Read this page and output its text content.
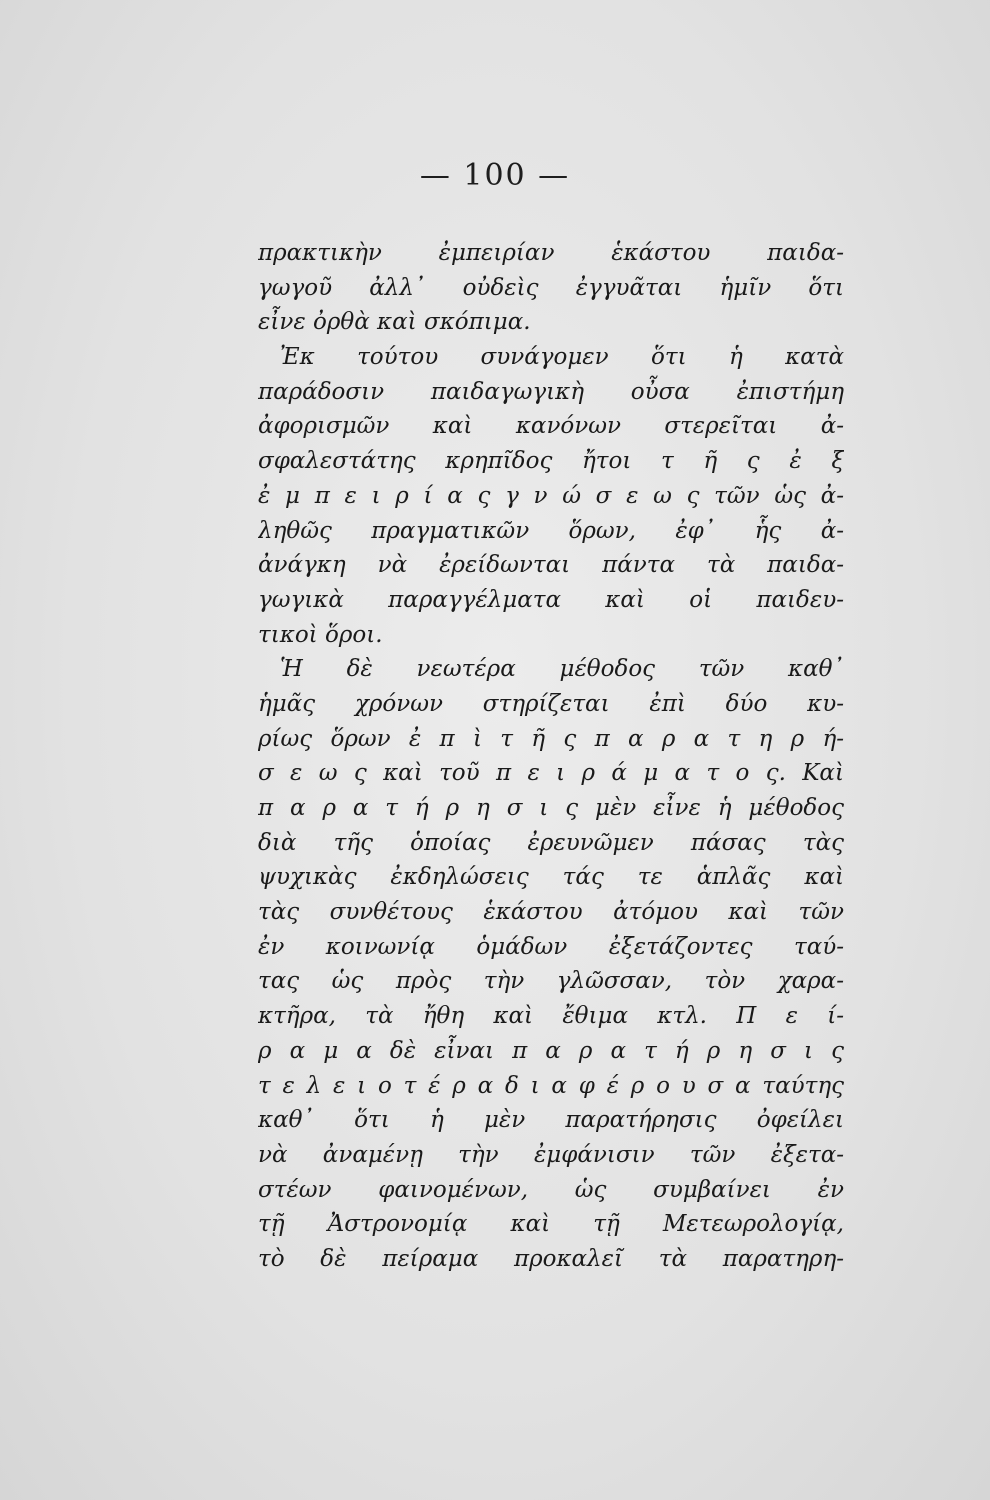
— 100 —
πρακτικὴν ἐμπειρίαν ἑκάστου παιδα-
γωγοῦ ἀλλ᾽ οὐδεὶς ἐγγυᾶται ἡμῖν ὅτι
εἶνε ὀρθὰ καὶ σκόπιμα.
Ἐκ τούτου συνάγομεν ὅτι ἡ κατὰ
παράδοσιν παιδαγωγικὴ οὖσα ἐπιστήμη
ἀφορισμῶν καὶ κανόνων στερεῖται ἀ-
σφαλεστάτης κρηπῖδος ἤτοι τ ῆ ς ἐ ξ
ἐ μ π ε ι ρ ί α ς γ ν ώ σ ε ω ς τῶν ὡς ἀ-
ληθῶς πραγματικῶν ὅρων, ἐφ᾽ ἧς ἀ-
ἀνάγκη νὰ ἐρείδωνται πάντα τὰ παιδα-
γωγικὰ παραγγέλματα καὶ οἱ παιδευ-
τικοὶ ὅροι.
Ἡ δὲ νεωτέρα μέθοδος τῶν καθ᾽
ἡμᾶς χρόνων στηρίζεται ἐπὶ δύο κυ-
ρίως ὅρων ἐ π ὶ τ ῆ ς π α ρ α τ η ρ ή-
σ ε ω ς καὶ τοῦ π ε ι ρ ά μ α τ ο ς. Καὶ
π α ρ α τ ή ρ η σ ι ς μὲν εἶνε ἡ μέθοδος
διὰ τῆς ὁποίας ἐρευνῶμεν πάσας τὰς
ψυχικὰς ἐκδηλώσεις τάς τε ἁπλᾶς καὶ
τὰς συνθέτους ἑκάστου ἀτόμου καὶ τῶν
ἐν κοινωνίᾳ ὁμάδων ἐξετάζοντες ταύ-
τας ὡς πρὸς τὴν γλῶσσαν, τὸν χαρα-
κτῆρα, τὰ ἤθη καὶ ἔθιμα κτλ. Π ε ί-
ρ α μ α δὲ εἶναι π α ρ α τ ή ρ η σ ι ς
τ ε λ ε ι ο τ έ ρ α δ ι α φ έ ρ ο υ σ α ταύτης
καθ᾽ ὅτι ἡ μὲν παρατήρησις ὀφείλει
νὰ ἀναμένῃ τὴν ἐμφάνισιν τῶν ἐξετα-
στέων φαινομένων, ὡς συμβαίνει ἐν
τῇ Ἀστρονομίᾳ καὶ τῇ Μετεωρολογίᾳ,
τὸ δὲ πείραμα προκαλεῖ τὰ παρατηρη-
